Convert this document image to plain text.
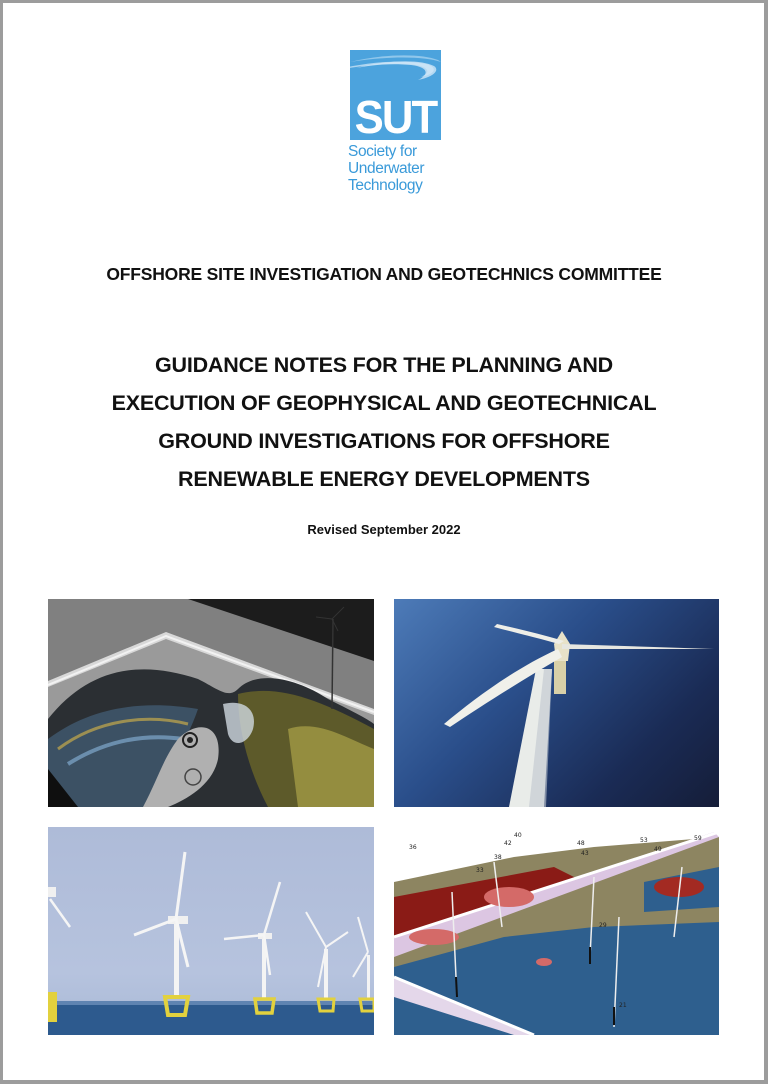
SUT
Society for
Underwater
Technology
OFFSHORE SITE INVESTIGATION AND GEOTECHNICS COMMITTEE
GUIDANCE NOTES FOR THE PLANNING AND
EXECUTION OF GEOPHYSICAL AND GEOTECHNICAL
GROUND INVESTIGATIONS FOR OFFSHORE
RENEWABLE ENERGY DEVELOPMENTS
Revised September 2022
36
33
38
42
40
48
43
53
49
59
29
21
